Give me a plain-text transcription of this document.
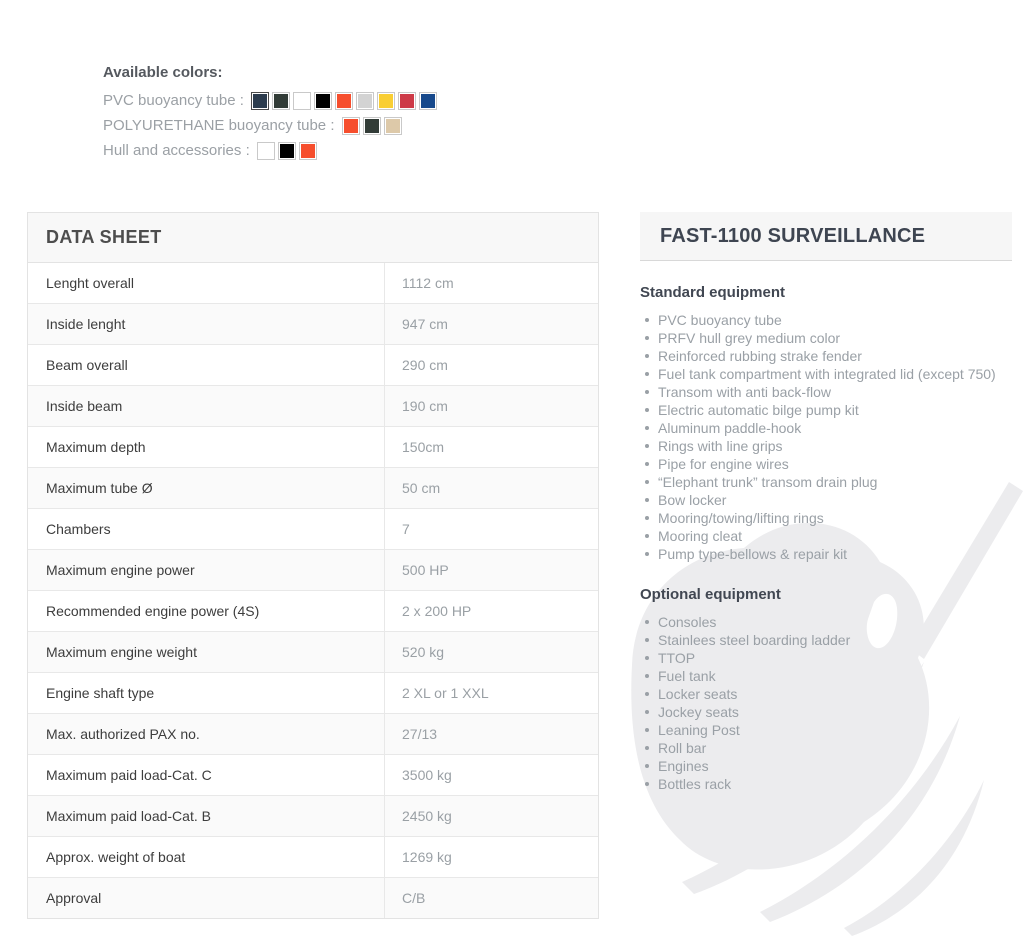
Available colors:
PVC buoyancy tube :
POLYURETHANE buoyancy tube :
Hull and accessories :
DATA SHEET
Lenght overall	1112 cm
Inside lenght	947 cm
Beam overall	290 cm
Inside beam	190 cm
Maximum depth	150cm
Maximum tube Ø	50 cm
Chambers	7
Maximum engine power	500 HP
Recommended engine power (4S)	2 x 200 HP
Maximum engine weight	520 kg
Engine shaft type	2 XL or 1 XXL
Max. authorized PAX no.	27/13
Maximum paid load-Cat. C	3500 kg
Maximum paid load-Cat. B	2450 kg
Approx. weight of boat	1269 kg
Approval	C/B
FAST-1100 SURVEILLANCE
Standard equipment
PVC buoyancy tube
PRFV hull grey medium color
Reinforced rubbing strake fender
Fuel tank compartment with integrated lid (except 750)
Transom with anti back-flow
Electric automatic bilge pump kit
Aluminum paddle-hook
Rings with line grips
Pipe for engine wires
“Elephant trunk” transom drain plug
Bow locker
Mooring/towing/lifting rings
Mooring cleat
Pump type-bellows & repair kit
Optional equipment
Consoles
Stainlees steel boarding ladder
TTOP
Fuel tank
Locker seats
Jockey seats
Leaning Post
Roll bar
Engines
Bottles rack
